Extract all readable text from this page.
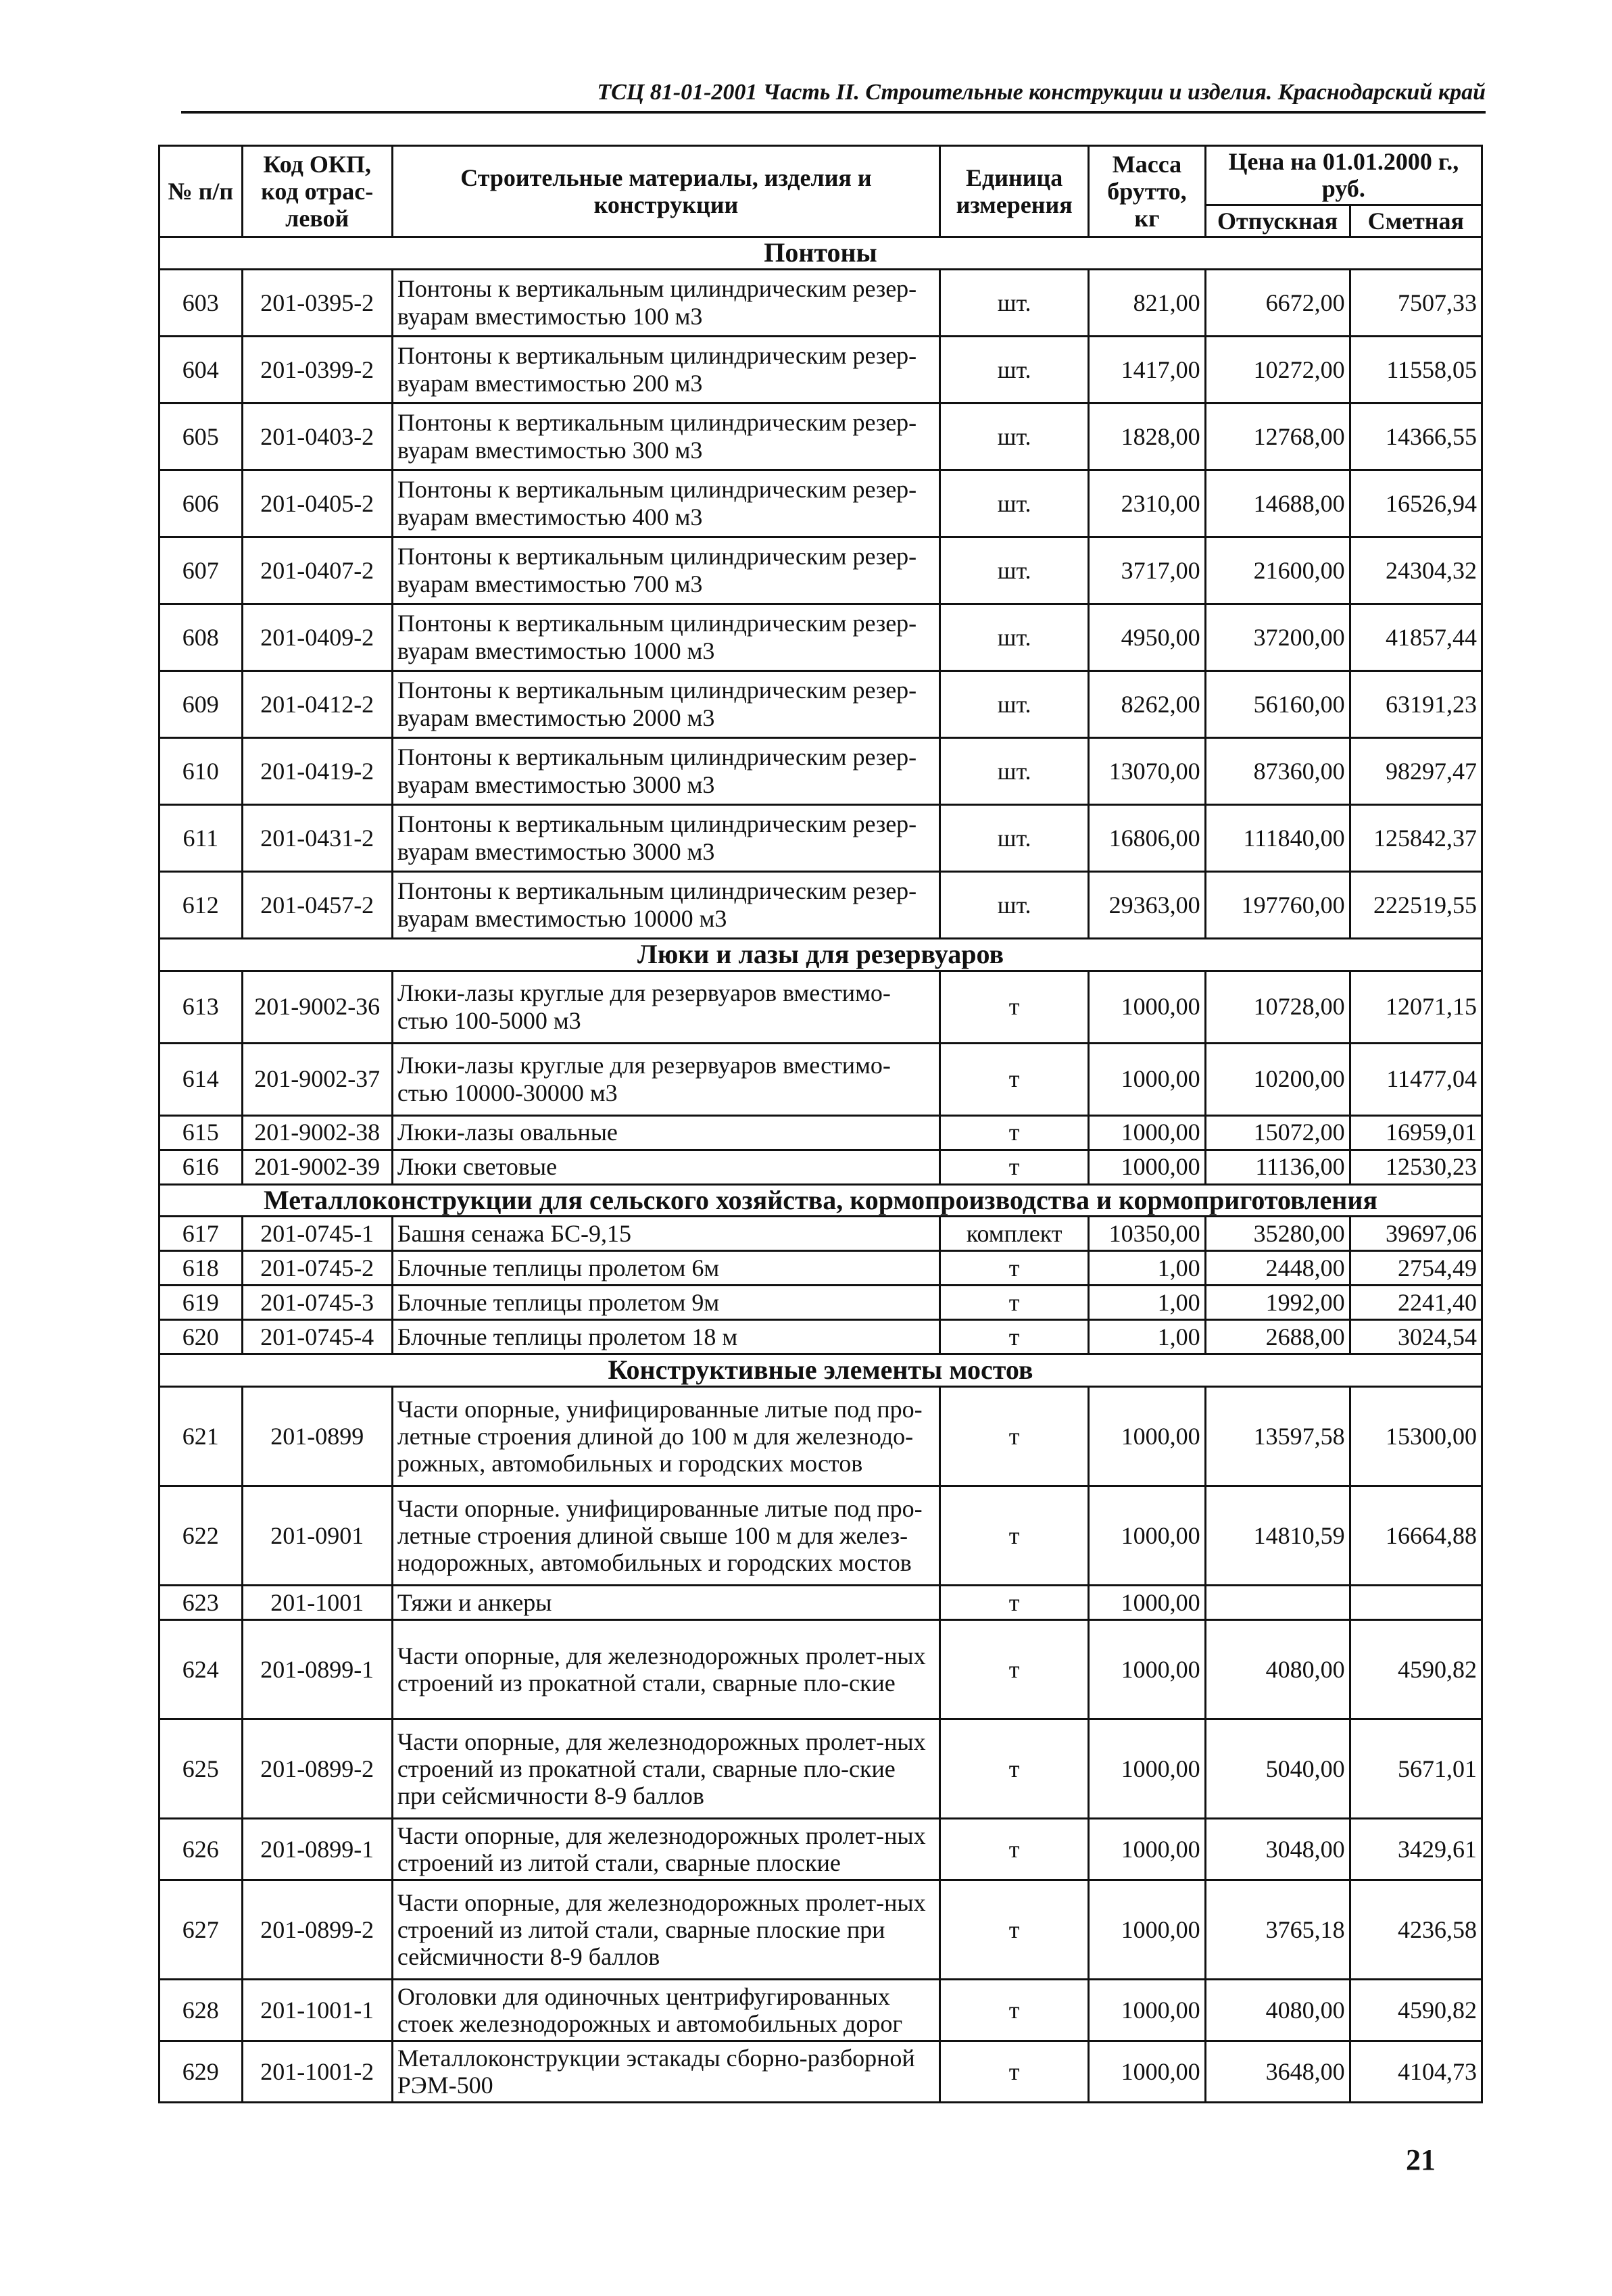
ТСЦ 81-01-2001 Часть II. Строительные конструкции и изделия. Краснодарский край
№ п/п	Код ОКП, код отрас-левой	Строительные материалы, изделия и конструкции	Единица измерения	Масса брутто, кг	Цена на 01.01.2000 г., руб.	
					Отпускная	Сметная
Понтоны						
603	201-0395-2	Понтоны к вертикальным цилиндрическим резер-вуарам вместимостью 100 м3	шт.	821,00	6672,00	7507,33
604	201-0399-2	Понтоны к вертикальным цилиндрическим резер-вуарам вместимостью 200 м3	шт.	1417,00	10272,00	11558,05
605	201-0403-2	Понтоны к вертикальным цилиндрическим резер-вуарам вместимостью 300 м3	шт.	1828,00	12768,00	14366,55
606	201-0405-2	Понтоны к вертикальным цилиндрическим резер-вуарам вместимостью 400 м3	шт.	2310,00	14688,00	16526,94
607	201-0407-2	Понтоны к вертикальным цилиндрическим резер-вуарам вместимостью 700 м3	шт.	3717,00	21600,00	24304,32
608	201-0409-2	Понтоны к вертикальным цилиндрическим резер-вуарам вместимостью 1000 м3	шт.	4950,00	37200,00	41857,44
609	201-0412-2	Понтоны к вертикальным цилиндрическим резер-вуарам вместимостью 2000 м3	шт.	8262,00	56160,00	63191,23
610	201-0419-2	Понтоны к вертикальным цилиндрическим резер-вуарам вместимостью 3000 м3	шт.	13070,00	87360,00	98297,47
611	201-0431-2	Понтоны к вертикальным цилиндрическим резер-вуарам вместимостью 3000 м3	шт.	16806,00	111840,00	125842,37
612	201-0457-2	Понтоны к вертикальным цилиндрическим резер-вуарам вместимостью 10000 м3	шт.	29363,00	197760,00	222519,55
Люки и лазы для резервуаров						
613	201-9002-36	Люки-лазы круглые для резервуаров вместимо-стью 100-5000 м3	т	1000,00	10728,00	12071,15
614	201-9002-37	Люки-лазы круглые для резервуаров вместимо-стью 10000-30000 м3	т	1000,00	10200,00	11477,04
615	201-9002-38	Люки-лазы овальные	т	1000,00	15072,00	16959,01
616	201-9002-39	Люки световые	т	1000,00	11136,00	12530,23
Металлоконструкции для сельского хозяйства, кормопроизводства и кормоприготовления						
617	201-0745-1	Башня сенажа БС-9,15	комплект	10350,00	35280,00	39697,06
618	201-0745-2	Блочные теплицы пролетом 6м	т	1,00	2448,00	2754,49
619	201-0745-3	Блочные теплицы пролетом 9м	т	1,00	1992,00	2241,40
620	201-0745-4	Блочные теплицы пролетом 18 м	т	1,00	2688,00	3024,54
Конструктивные элементы мостов						
621	201-0899	Части опорные, унифицированные литые под про-летные строения длиной до 100 м для железнодо-рожных, автомобильных и городских мостов	т	1000,00	13597,58	15300,00
622	201-0901	Части опорные. унифицированные литые под про-летные строения длиной свыше 100 м для желез-нодорожных, автомобильных и городских мостов	т	1000,00	14810,59	16664,88
623	201-1001	Тяжи и анкеры	т	1000,00		
624	201-0899-1	Части опорные, для железнодорожных пролет-ных строений из прокатной стали, сварные пло-ские	т	1000,00	4080,00	4590,82
625	201-0899-2	Части опорные, для железнодорожных пролет-ных строений из прокатной стали, сварные пло-ские при сейсмичности 8-9 баллов	т	1000,00	5040,00	5671,01
626	201-0899-1	Части опорные, для железнодорожных пролет-ных строений из литой стали, сварные плоские	т	1000,00	3048,00	3429,61
627	201-0899-2	Части опорные, для железнодорожных пролет-ных строений из литой стали, сварные плоские при сейсмичности 8-9 баллов	т	1000,00	3765,18	4236,58
628	201-1001-1	Оголовки для одиночных центрифугированных стоек железнодорожных и автомобильных дорог	т	1000,00	4080,00	4590,82
629	201-1001-2	Металлоконструкции эстакады сборно-разборной РЭМ-500	т	1000,00	3648,00	4104,73
21
